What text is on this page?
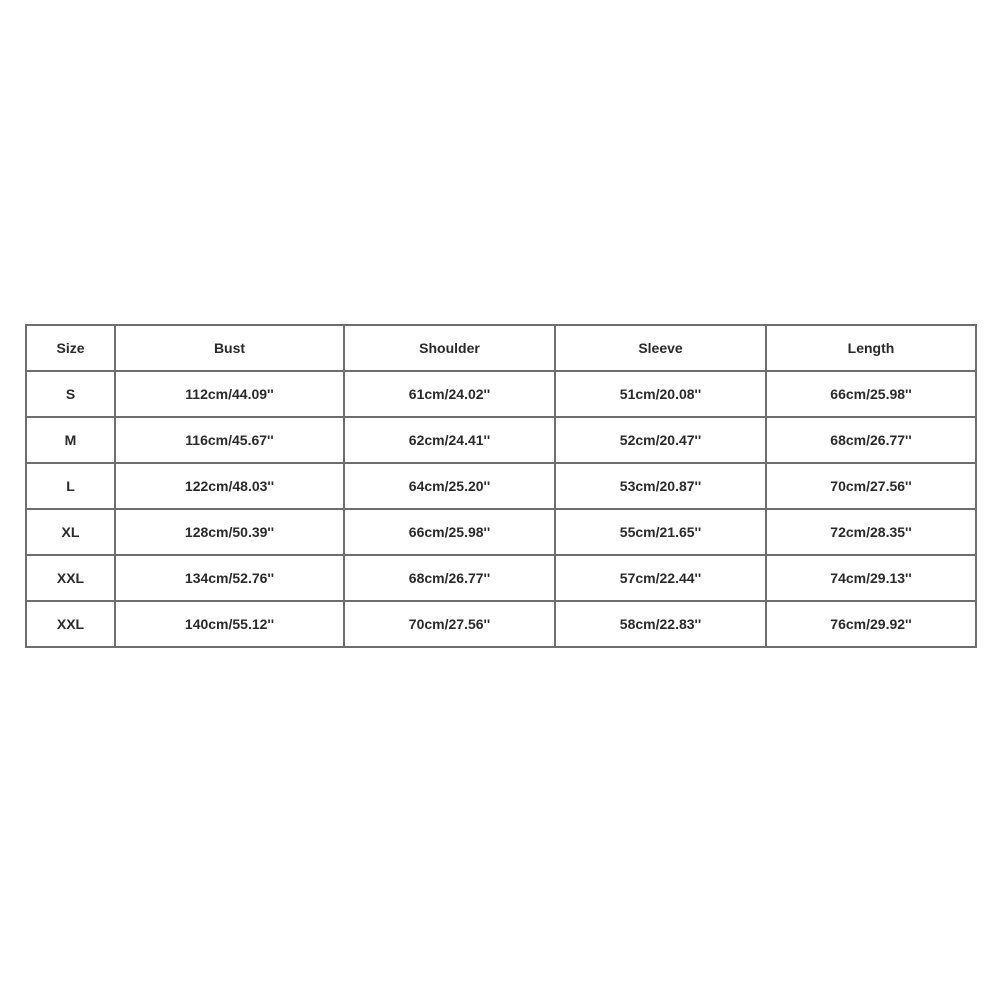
Size	Bust	Shoulder	Sleeve	Length
S	112cm/44.09''	61cm/24.02''	51cm/20.08''	66cm/25.98''
M	116cm/45.67''	62cm/24.41''	52cm/20.47''	68cm/26.77''
L	122cm/48.03''	64cm/25.20''	53cm/20.87''	70cm/27.56''
XL	128cm/50.39''	66cm/25.98''	55cm/21.65''	72cm/28.35''
XXL	134cm/52.76''	68cm/26.77''	57cm/22.44''	74cm/29.13''
XXL	140cm/55.12''	70cm/27.56''	58cm/22.83''	76cm/29.92''
